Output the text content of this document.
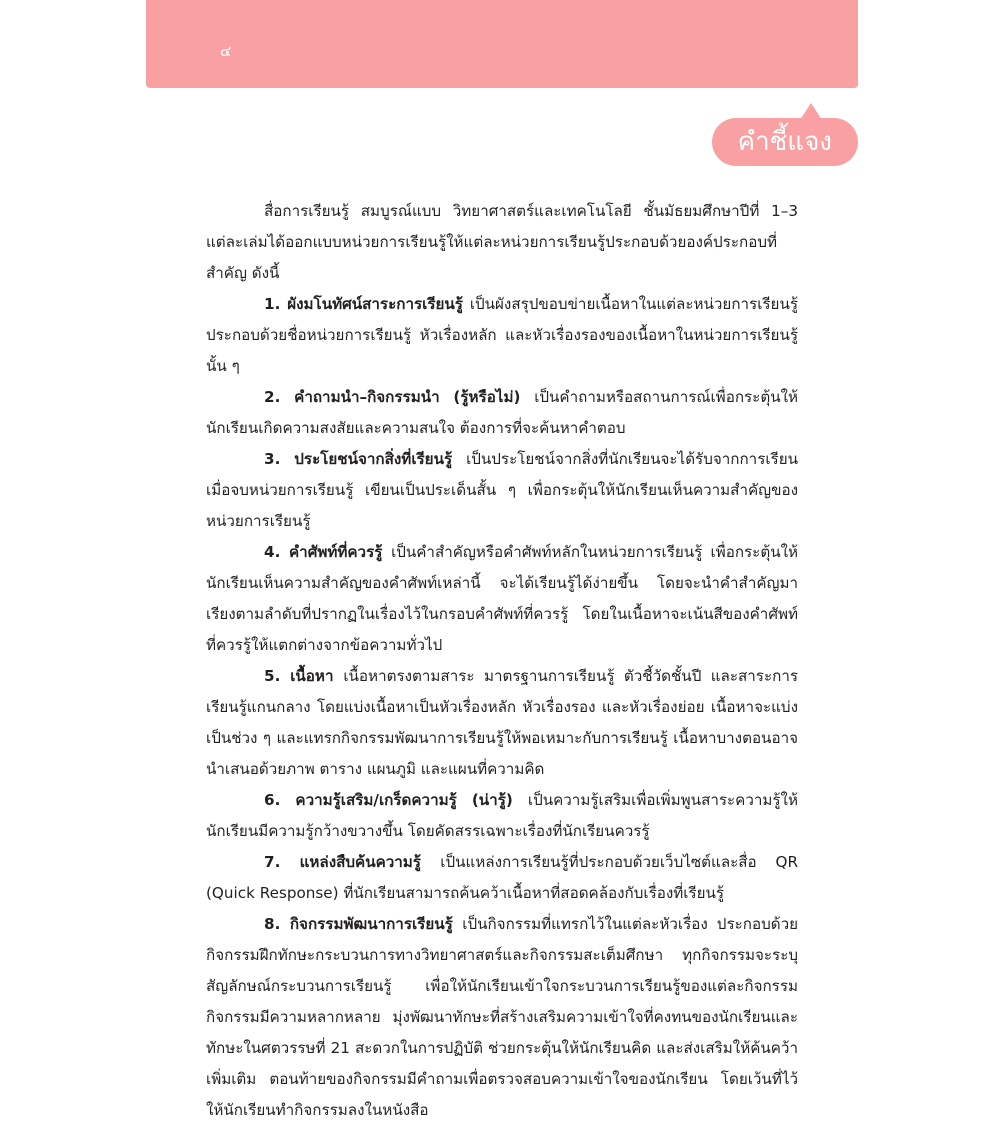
๔
คำชี้แจง

สื่อการเรียนรู้ สมบูรณ์แบบ วิทยาศาสตร์และเทคโนโลยี ชั้นมัธยมศึกษาปีที่ 1–3 แต่ละเล่มได้ออกแบบหน่วยการเรียนรู้ให้แต่ละหน่วยการเรียนรู้ประกอบด้วยองค์ประกอบที่สำคัญ ดังนี้

1. ผังมโนทัศน์สาระการเรียนรู้ เป็นผังสรุปขอบข่ายเนื้อหาในแต่ละหน่วยการเรียนรู้ ประกอบด้วยชื่อหน่วยการเรียนรู้ หัวเรื่องหลัก และหัวเรื่องรองของเนื้อหาในหน่วยการเรียนรู้นั้น ๆ

2. คำถามนำ–กิจกรรมนำ (รู้หรือไม่) เป็นคำถามหรือสถานการณ์เพื่อกระตุ้นให้นักเรียนเกิดความสงสัยและความสนใจ ต้องการที่จะค้นหาคำตอบ

3. ประโยชน์จากสิ่งที่เรียนรู้ เป็นประโยชน์จากสิ่งที่นักเรียนจะได้รับจากการเรียนเมื่อจบหน่วยการเรียนรู้ เขียนเป็นประเด็นสั้น ๆ เพื่อกระตุ้นให้นักเรียนเห็นความสำคัญของหน่วยการเรียนรู้

4. คำศัพท์ที่ควรรู้ เป็นคำสำคัญหรือคำศัพท์หลักในหน่วยการเรียนรู้ เพื่อกระตุ้นให้นักเรียนเห็นความสำคัญของคำศัพท์เหล่านี้ จะได้เรียนรู้ได้ง่ายขึ้น โดยจะนำคำสำคัญมาเรียงตามลำดับที่ปรากฏในเรื่องไว้ในกรอบคำศัพท์ที่ควรรู้ โดยในเนื้อหาจะเน้นสีของคำศัพท์ที่ควรรู้ให้แตกต่างจากข้อความทั่วไป

5. เนื้อหา เนื้อหาตรงตามสาระ มาตรฐานการเรียนรู้ ตัวชี้วัดชั้นปี และสาระการเรียนรู้แกนกลาง โดยแบ่งเนื้อหาเป็นหัวเรื่องหลัก หัวเรื่องรอง และหัวเรื่องย่อย เนื้อหาจะแบ่งเป็นช่วง ๆ และแทรกกิจกรรมพัฒนาการเรียนรู้ให้พอเหมาะกับการเรียนรู้ เนื้อหาบางตอนอาจนำเสนอด้วยภาพ ตาราง แผนภูมิ และแผนที่ความคิด

6. ความรู้เสริม/เกร็ดความรู้ (น่ารู้) เป็นความรู้เสริมเพื่อเพิ่มพูนสาระความรู้ให้นักเรียนมีความรู้กว้างขวางขึ้น โดยคัดสรรเฉพาะเรื่องที่นักเรียนควรรู้

7. แหล่งสืบค้นความรู้ เป็นแหล่งการเรียนรู้ที่ประกอบด้วยเว็บไซต์และสื่อ QR (Quick Response) ที่นักเรียนสามารถค้นคว้าเนื้อหาที่สอดคล้องกับเรื่องที่เรียนรู้

8. กิจกรรมพัฒนาการเรียนรู้ เป็นกิจกรรมที่แทรกไว้ในแต่ละหัวเรื่อง ประกอบด้วยกิจกรรมฝึกทักษะกระบวนการทางวิทยาศาสตร์และกิจกรรมสะเต็มศึกษา ทุกกิจกรรมจะระบุสัญลักษณ์กระบวนการเรียนรู้ เพื่อให้นักเรียนเข้าใจกระบวนการเรียนรู้ของแต่ละกิจกรรม กิจกรรมมีความหลากหลาย มุ่งพัฒนาทักษะที่สร้างเสริมความเข้าใจที่คงทนของนักเรียนและทักษะในศตวรรษที่ 21 สะดวกในการปฏิบัติ ช่วยกระตุ้นให้นักเรียนคิด และส่งเสริมให้ค้นคว้าเพิ่มเติม ตอนท้ายของกิจกรรมมีคำถามเพื่อตรวจสอบความเข้าใจของนักเรียน โดยเว้นที่ไว้ให้นักเรียนทำกิจกรรมลงในหนังสือ
